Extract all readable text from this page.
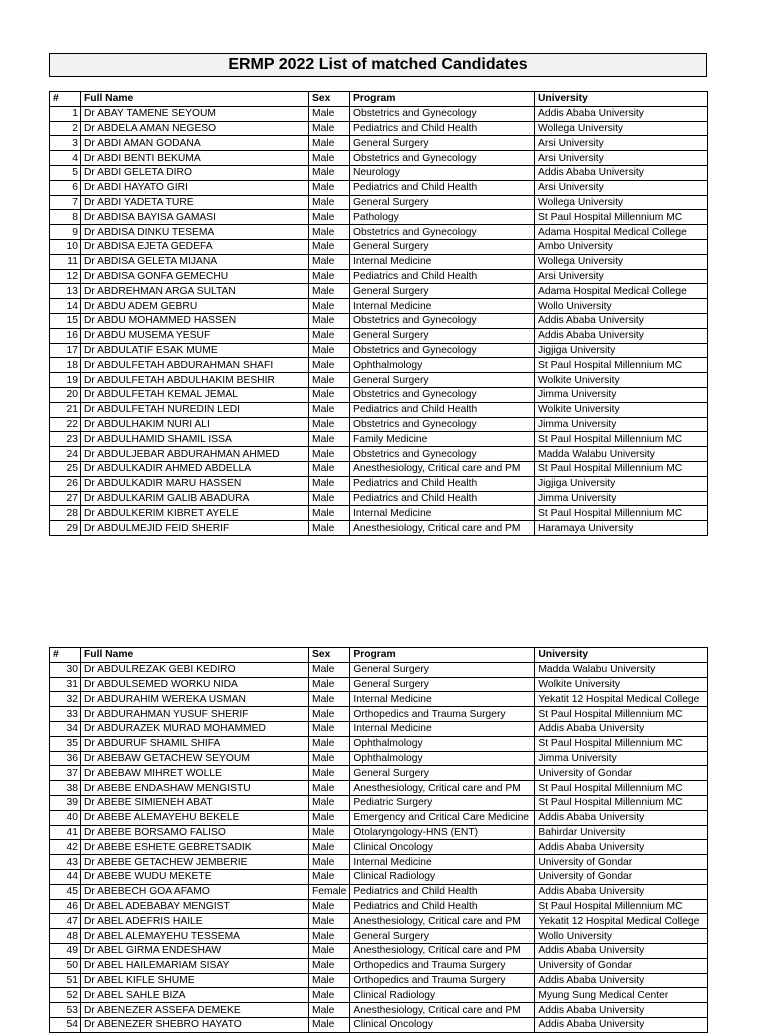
ERMP 2022 List of matched Candidates
#	Full Name	Sex	Program	University
1	Dr ABAY TAMENE SEYOUM	Male	Obstetrics and Gynecology	Addis Ababa University
2	Dr ABDELA AMAN NEGESO	Male	Pediatrics and Child Health	Wollega University
3	Dr ABDI AMAN GODANA	Male	General Surgery	Arsi University
4	Dr ABDI BENTI BEKUMA	Male	Obstetrics and Gynecology	Arsi University
5	Dr ABDI GELETA DIRO	Male	Neurology	Addis Ababa University
6	Dr ABDI HAYATO GIRI	Male	Pediatrics and Child Health	Arsi University
7	Dr ABDI YADETA TURE	Male	General Surgery	Wollega University
8	Dr ABDISA BAYISA GAMASI	Male	Pathology	St Paul Hospital Millennium MC
9	Dr ABDISA DINKU TESEMA	Male	Obstetrics and Gynecology	Adama Hospital Medical College
10	Dr ABDISA EJETA GEDEFA	Male	General Surgery	Ambo University
11	Dr ABDISA GELETA MIJANA	Male	Internal Medicine	Wollega University
12	Dr ABDISA GONFA GEMECHU	Male	Pediatrics and Child Health	Arsi University
13	Dr ABDREHMAN ARGA SULTAN	Male	General Surgery	Adama Hospital Medical College
14	Dr ABDU ADEM GEBRU	Male	Internal Medicine	Wollo University
15	Dr ABDU MOHAMMED HASSEN	Male	Obstetrics and Gynecology	Addis Ababa University
16	Dr ABDU MUSEMA YESUF	Male	General Surgery	Addis Ababa University
17	Dr ABDULATIF ESAK MUME	Male	Obstetrics and Gynecology	Jigjiga University
18	Dr ABDULFETAH ABDURAHMAN SHAFI	Male	Ophthalmology	St Paul Hospital Millennium MC
19	Dr ABDULFETAH ABDULHAKIM BESHIR	Male	General Surgery	Wolkite University
20	Dr ABDULFETAH KEMAL JEMAL	Male	Obstetrics and Gynecology	Jimma University
21	Dr ABDULFETAH NUREDIN LEDI	Male	Pediatrics and Child Health	Wolkite University
22	Dr ABDULHAKIM NURI ALI	Male	Obstetrics and Gynecology	Jimma University
23	Dr ABDULHAMID SHAMIL ISSA	Male	Family Medicine	St Paul Hospital Millennium MC
24	Dr ABDULJEBAR ABDURAHMAN AHMED	Male	Obstetrics and Gynecology	Madda Walabu University
25	Dr ABDULKADIR AHMED ABDELLA	Male	Anesthesiology, Critical care and PM	St Paul Hospital Millennium MC
26	Dr ABDULKADIR MARU HASSEN	Male	Pediatrics and Child Health	Jigjiga University
27	Dr ABDULKARIM GALIB ABADURA	Male	Pediatrics and Child Health	Jimma University
28	Dr ABDULKERIM KIBRET AYELE	Male	Internal Medicine	St Paul Hospital Millennium MC
29	Dr ABDULMEJID FEID SHERIF	Male	Anesthesiology, Critical care and PM	Haramaya University
#	Full Name	Sex	Program	University
30	Dr ABDULREZAK GEBI KEDIRO	Male	General Surgery	Madda Walabu University
31	Dr ABDULSEMED WORKU NIDA	Male	General Surgery	Wolkite University
32	Dr ABDURAHIM WEREKA USMAN	Male	Internal Medicine	Yekatit 12 Hospital Medical College
33	Dr ABDURAHMAN YUSUF SHERIF	Male	Orthopedics and Trauma Surgery	St Paul Hospital Millennium MC
34	Dr ABDURAZEK MURAD MOHAMMED	Male	Internal Medicine	Addis Ababa University
35	Dr ABDURUF SHAMIL SHIFA	Male	Ophthalmology	St Paul Hospital Millennium MC
36	Dr ABEBAW GETACHEW SEYOUM	Male	Ophthalmology	Jimma University
37	Dr ABEBAW MIHRET WOLLE	Male	General Surgery	University of Gondar
38	Dr ABEBE ENDASHAW MENGISTU	Male	Anesthesiology, Critical care and PM	St Paul Hospital Millennium MC
39	Dr ABEBE SIMIENEH ABAT	Male	Pediatric Surgery	St Paul Hospital Millennium MC
40	Dr ABEBE ALEMAYEHU BEKELE	Male	Emergency and Critical Care Medicine	Addis Ababa University
41	Dr ABEBE BORSAMO FALISO	Male	Otolaryngology-HNS (ENT)	Bahirdar University
42	Dr ABEBE ESHETE GEBRETSADIK	Male	Clinical Oncology	Addis Ababa University
43	Dr ABEBE GETACHEW JEMBERIE	Male	Internal Medicine	University of Gondar
44	Dr ABEBE WUDU MEKETE	Male	Clinical Radiology	University of Gondar
45	Dr ABEBECH GOA AFAMO	Female	Pediatrics and Child Health	Addis Ababa University
46	Dr ABEL ADEBABAY MENGIST	Male	Pediatrics and Child Health	St Paul Hospital Millennium MC
47	Dr ABEL ADEFRIS HAILE	Male	Anesthesiology, Critical care and PM	Yekatit 12 Hospital Medical College
48	Dr ABEL ALEMAYEHU TESSEMA	Male	General Surgery	Wollo University
49	Dr ABEL GIRMA ENDESHAW	Male	Anesthesiology, Critical care and PM	Addis Ababa University
50	Dr ABEL HAILEMARIAM SISAY	Male	Orthopedics and Trauma Surgery	University of Gondar
51	Dr ABEL KIFLE SHUME	Male	Orthopedics and Trauma Surgery	Addis Ababa University
52	Dr ABEL SAHLE BIZA	Male	Clinical Radiology	Myung Sung Medical Center
53	Dr ABENEZER ASSEFA DEMEKE	Male	Anesthesiology, Critical care and PM	Addis Ababa University
54	Dr ABENEZER SHEBRO HAYATO	Male	Clinical Oncology	Addis Ababa University
